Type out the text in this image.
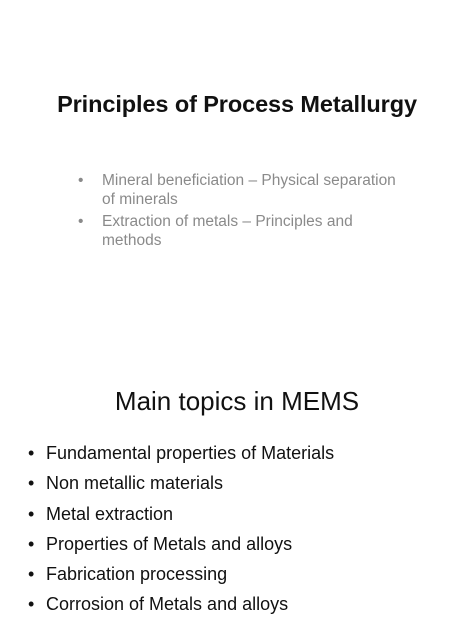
Principles of Process Metallurgy
• Mineral beneficiation – Physical separation of minerals
• Extraction of metals – Principles and methods
Main topics in MEMS
• Fundamental properties of Materials
• Non metallic materials
• Metal extraction
• Properties of Metals and alloys
• Fabrication processing
• Corrosion of Metals and alloys
